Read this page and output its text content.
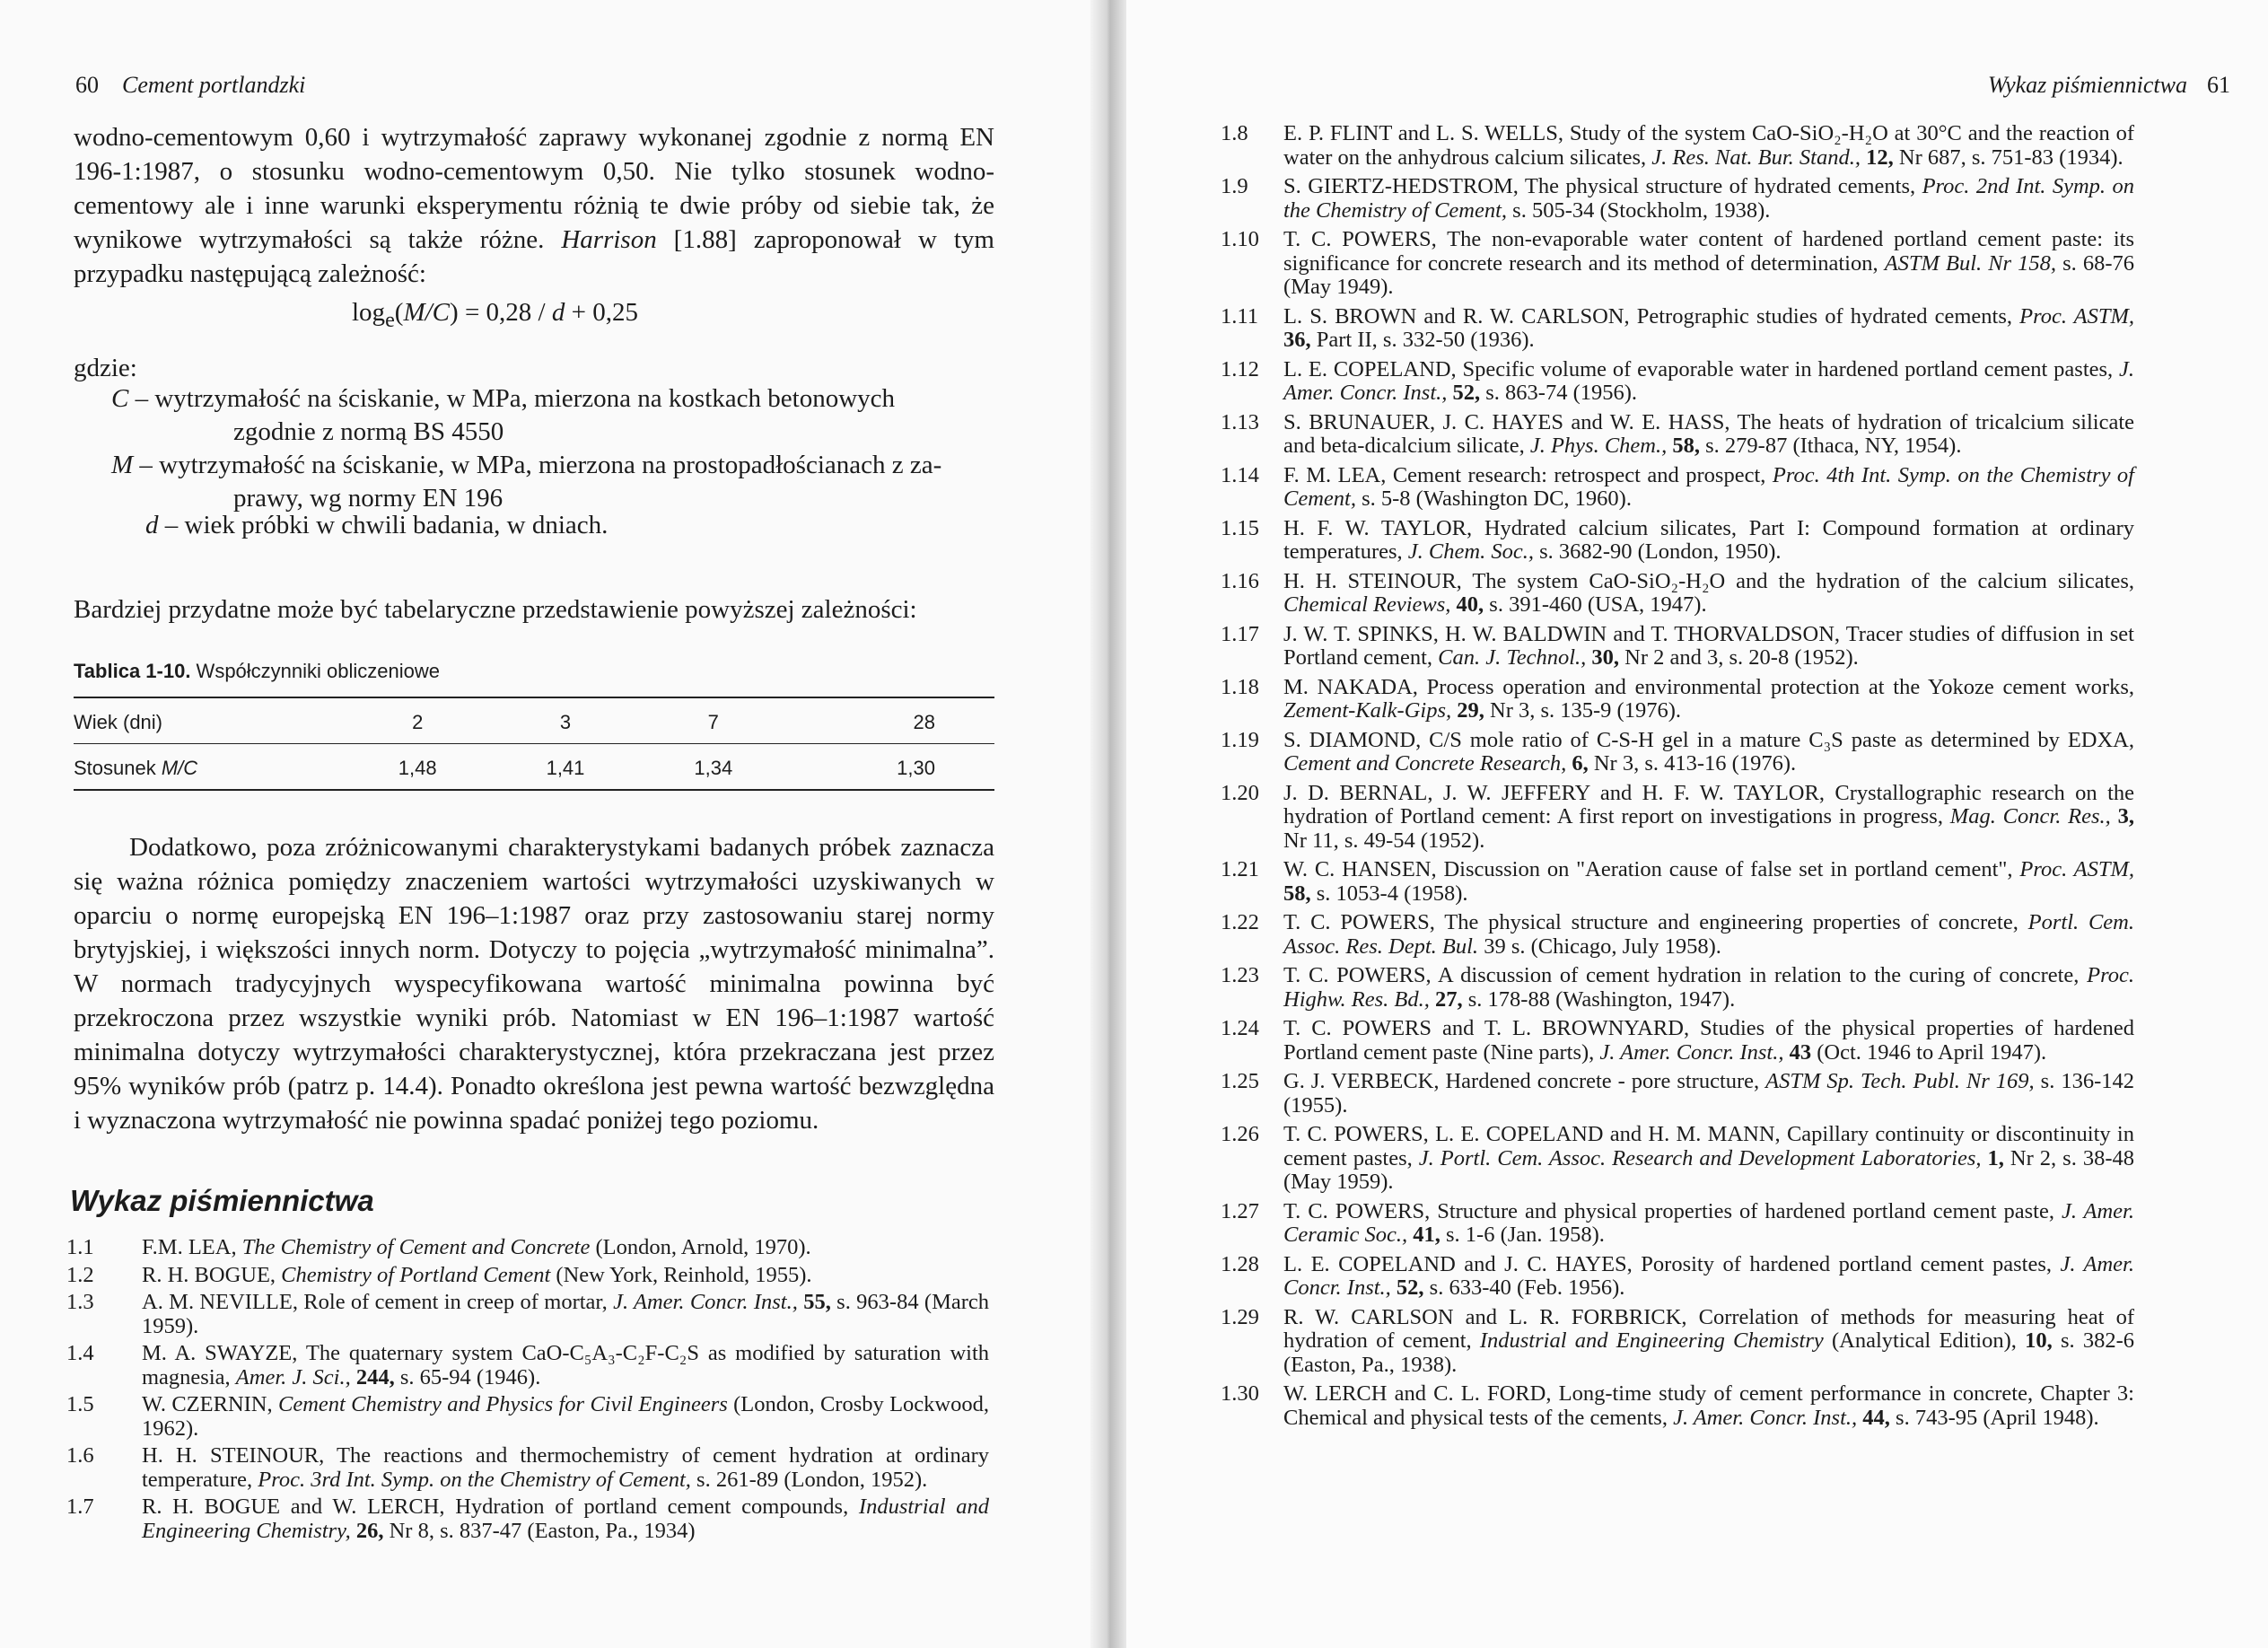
60 Cement portlandzki

wodno-cementowym 0,60 i wytrzymałość zaprawy wykonanej zgodnie z normą EN 196-1:1987, o stosunku wodno-cementowym 0,50. Nie tylko stosunek wodno-cementowy ale i inne warunki eksperymentu różnią te dwie próby od siebie tak, że wynikowe wytrzymałości są także różne. Harrison [1.88] zaproponował w tym przypadku następującą zależność:

$\log_e(M/C) = 0,28 / d + 0,25$
gdzie:
C – wytrzymałość na ściskanie, w MPa, mierzona na kostkach betonowych
zgodnie z normą BS 4550
M – wytrzymałość na ściskanie, w MPa, mierzona na prostopadłościanach z za-
prawy, wg normy EN 196
d – wiek próbki w chwili badania, w dniach.
Bardziej przydatne może być tabelaryczne przedstawienie powyższej zależności:
Tablica 1-10. Współczynniki obliczeniowe
Wiek (dni)	2	3	7	28
Stosunek M/C	1,48	1,41	1,34	1,30

Dodatkowo, poza zróżnicowanymi charakterystykami badanych próbek zaznacza się ważna różnica pomiędzy znaczeniem wartości wytrzymałości uzyskiwanych w oparciu o normę europejską EN 196–1:1987 oraz przy zastosowaniu starej normy brytyjskiej, i większości innych norm. Dotyczy to pojęcia „wytrzymałość minimalna”. W normach tradycyjnych wyspecyfikowana wartość minimalna powinna być przekroczona przez wszystkie wyniki prób. Natomiast w EN 196–1:1987 wartość minimalna dotyczy wytrzymałości charakterystycznej, która przekraczana jest przez 95% wyników prób (patrz p. 14.4). Ponadto określona jest pewna wartość bezwzględna i wyznaczona wytrzymałość nie powinna spadać poniżej tego poziomu.

Wykaz piśmiennictwa
1.1	F.M. LEA, The Chemistry of Cement and Concrete (London, Arnold, 1970).
1.2	R. H. BOGUE, Chemistry of Portland Cement (New York, Reinhold, 1955).
1.3	A. M. NEVILLE, Role of cement in creep of mortar, J. Amer. Concr. Inst., 55, s. 963-84 (March 1959).
1.4	M. A. SWAYZE, The quaternary system CaO-C₅A₃-C₂F-C₂S as modified by saturation with magnesia, Amer. J. Sci., 244, s. 65-94 (1946).
1.5	W. CZERNIN, Cement Chemistry and Physics for Civil Engineers (London, Crosby Lockwood, 1962).
1.6	H. H. STEINOUR, The reactions and thermochemistry of cement hydration at ordinary temperature, Proc. 3rd Int. Symp. on the Chemistry of Cement, s. 261-89 (London, 1952).
1.7	R. H. BOGUE and W. LERCH, Hydration of portland cement compounds, Industrial and Engineering Chemistry, 26, Nr 8, s. 837-47 (Easton, Pa., 1934)
Wykaz piśmiennictwa 61
1.8	E. P. FLINT and L. S. WELLS, Study of the system CaO-SiO₂-H₂O at 30°C and the reaction of water on the anhydrous calcium silicates, J. Res. Nat. Bur. Stand., 12, Nr 687, s. 751-83 (1934).
1.9	S. GIERTZ-HEDSTROM, The physical structure of hydrated cements, Proc. 2nd Int. Symp. on the Chemistry of Cement, s. 505-34 (Stockholm, 1938).
1.10	T. C. POWERS, The non-evaporable water content of hardened portland cement paste: its significance for concrete research and its method of determination, ASTM Bul. Nr 158, s. 68-76 (May 1949).
1.11	L. S. BROWN and R. W. CARLSON, Petrographic studies of hydrated cements, Proc. ASTM, 36, Part II, s. 332-50 (1936).
1.12	L. E. COPELAND, Specific volume of evaporable water in hardened portland cement pastes, J. Amer. Concr. Inst., 52, s. 863-74 (1956).
1.13	S. BRUNAUER, J. C. HAYES and W. E. HASS, The heats of hydration of tricalcium silicate and beta-dicalcium silicate, J. Phys. Chem., 58, s. 279-87 (Ithaca, NY, 1954).
1.14	F. M. LEA, Cement research: retrospect and prospect, Proc. 4th Int. Symp. on the Chemistry of Cement, s. 5-8 (Washington DC, 1960).
1.15	H. F. W. TAYLOR, Hydrated calcium silicates, Part I: Compound formation at ordinary temperatures, J. Chem. Soc., s. 3682-90 (London, 1950).
1.16	H. H. STEINOUR, The system CaO-SiO₂-H₂O and the hydration of the calcium silicates, Chemical Reviews, 40, s. 391-460 (USA, 1947).
1.17	J. W. T. SPINKS, H. W. BALDWIN and T. THORVALDSON, Tracer studies of diffusion in set Portland cement, Can. J. Technol., 30, Nr 2 and 3, s. 20-8 (1952).
1.18	M. NAKADA, Process operation and environmental protection at the Yokoze cement works, Zement-Kalk-Gips, 29, Nr 3, s. 135-9 (1976).
1.19	S. DIAMOND, C/S mole ratio of C-S-H gel in a mature C₃S paste as determined by EDXA, Cement and Concrete Research, 6, Nr 3, s. 413-16 (1976).
1.20	J. D. BERNAL, J. W. JEFFERY and H. F. W. TAYLOR, Crystallographic research on the hydration of Portland cement: A first report on investigations in progress, Mag. Concr. Res., 3, Nr 11, s. 49-54 (1952).
1.21	W. C. HANSEN, Discussion on "Aeration cause of false set in portland cement", Proc. ASTM, 58, s. 1053-4 (1958).
1.22	T. C. POWERS, The physical structure and engineering properties of concrete, Portl. Cem. Assoc. Res. Dept. Bul. 39 s. (Chicago, July 1958).
1.23	T. C. POWERS, A discussion of cement hydration in relation to the curing of concrete, Proc. Highw. Res. Bd., 27, s. 178-88 (Washington, 1947).
1.24	T. C. POWERS and T. L. BROWNYARD, Studies of the physical properties of hardened Portland cement paste (Nine parts), J. Amer. Concr. Inst., 43 (Oct. 1946 to April 1947).
1.25	G. J. VERBECK, Hardened concrete - pore structure, ASTM Sp. Tech. Publ. Nr 169, s. 136-142 (1955).
1.26	T. C. POWERS, L. E. COPELAND and H. M. MANN, Capillary continuity or discontinuity in cement pastes, J. Portl. Cem. Assoc. Research and Development Laboratories, 1, Nr 2, s. 38-48 (May 1959).
1.27	T. C. POWERS, Structure and physical properties of hardened portland cement paste, J. Amer. Ceramic Soc., 41, s. 1-6 (Jan. 1958).
1.28	L. E. COPELAND and J. C. HAYES, Porosity of hardened portland cement pastes, J. Amer. Concr. Inst., 52, s. 633-40 (Feb. 1956).
1.29	R. W. CARLSON and L. R. FORBRICK, Correlation of methods for measuring heat of hydration of cement, Industrial and Engineering Chemistry (Analytical Edition), 10, s. 382-6 (Easton, Pa., 1938).
1.30	W. LERCH and C. L. FORD, Long-time study of cement performance in concrete, Chapter 3: Chemical and physical tests of the cements, J. Amer. Concr. Inst., 44, s. 743-95 (April 1948).
